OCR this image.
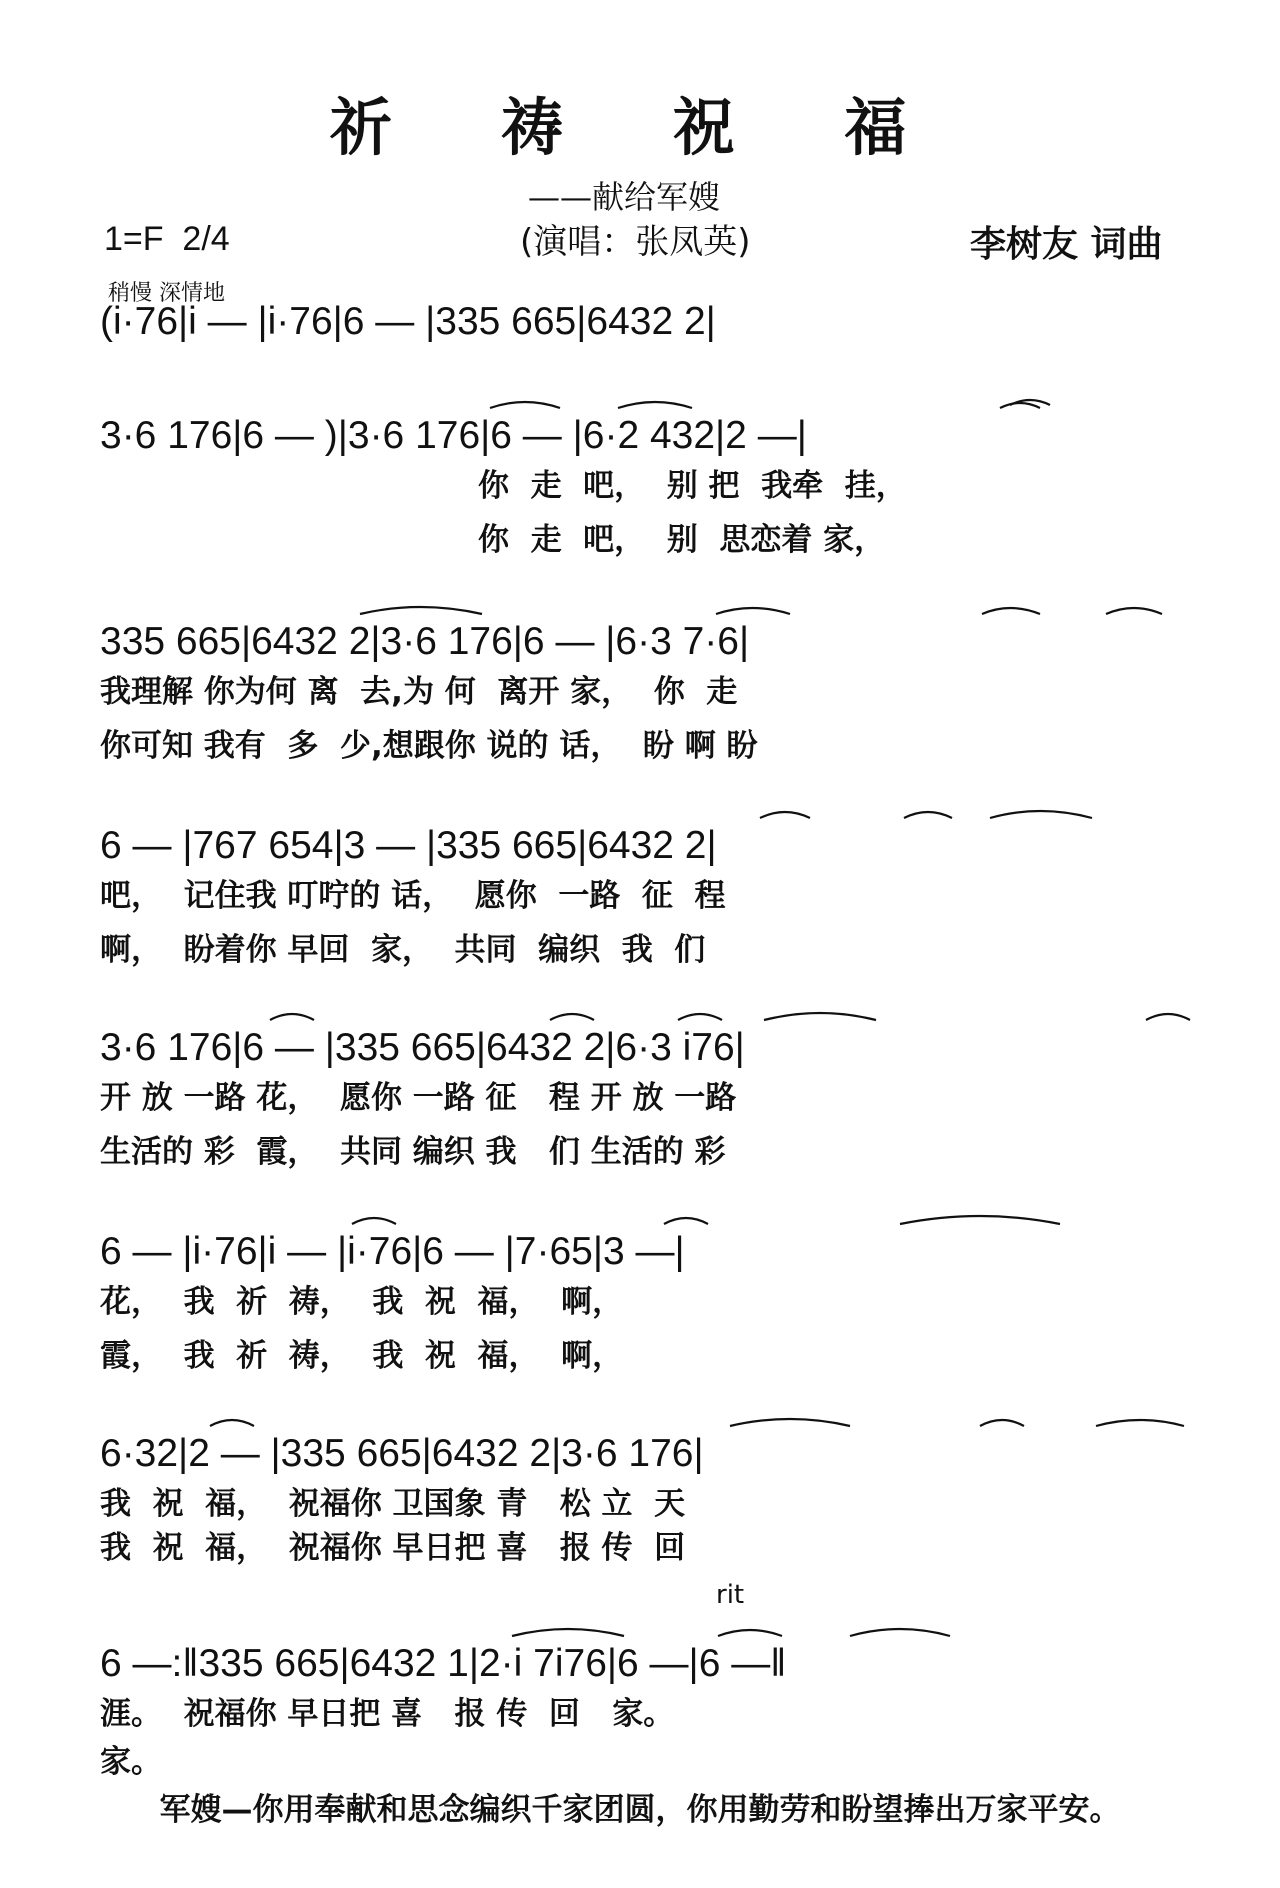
祈 祷 祝 福
——献给军嫂
1=F  2/4	(演唱：张凤英)	李树友 词曲
稍慢 深情地
(i·76|i — |i·76|6 — |335 665|6432 2|
3·6 176|6 — )|3·6 176|6 — |6·2 432|2 —|
你  走  吧，  别 把  我牵  挂，
你  走  吧，  别  思恋着 家，
335 665|6432 2|3·6 176|6 — |6·3 7·6|
我理解 你为何 离  去,为 何  离开 家，  你  走
你可知 我有  多  少,想跟你 说的 话，  盼 啊 盼
6 — |767 654|3 — |335 665|6432 2|
吧，  记住我 叮咛的 话，  愿你  一路  征  程
啊，  盼着你 早回  家，  共同  编织  我  们
3·6 176|6 — |335 665|6432 2|6·3 i76|
开 放 一路 花，  愿你 一路 征   程 开 放 一路
生活的 彩  霞，  共同 编织 我   们 生活的 彩
6 — |i·76|i — |i·76|6 — |7·65|3 —|
花，  我  祈  祷，  我  祝  福，  啊，
霞，  我  祈  祷，  我  祝  福，  啊，
6·32|2 — |335 665|6432 2|3·6 176|
我  祝  福，  祝福你 卫国象 青   松 立  天
我  祝  福，  祝福你 早日把 喜   报 传  回
rit
6 —:‖335 665|6432 1|2·i 7i76|6 —|6 —‖
涯。  祝福你 早日把 喜   报 传  回   家。
家。
军嫂—你用奉献和思念编织千家团圆，你用勤劳和盼望捧出万家平安。
